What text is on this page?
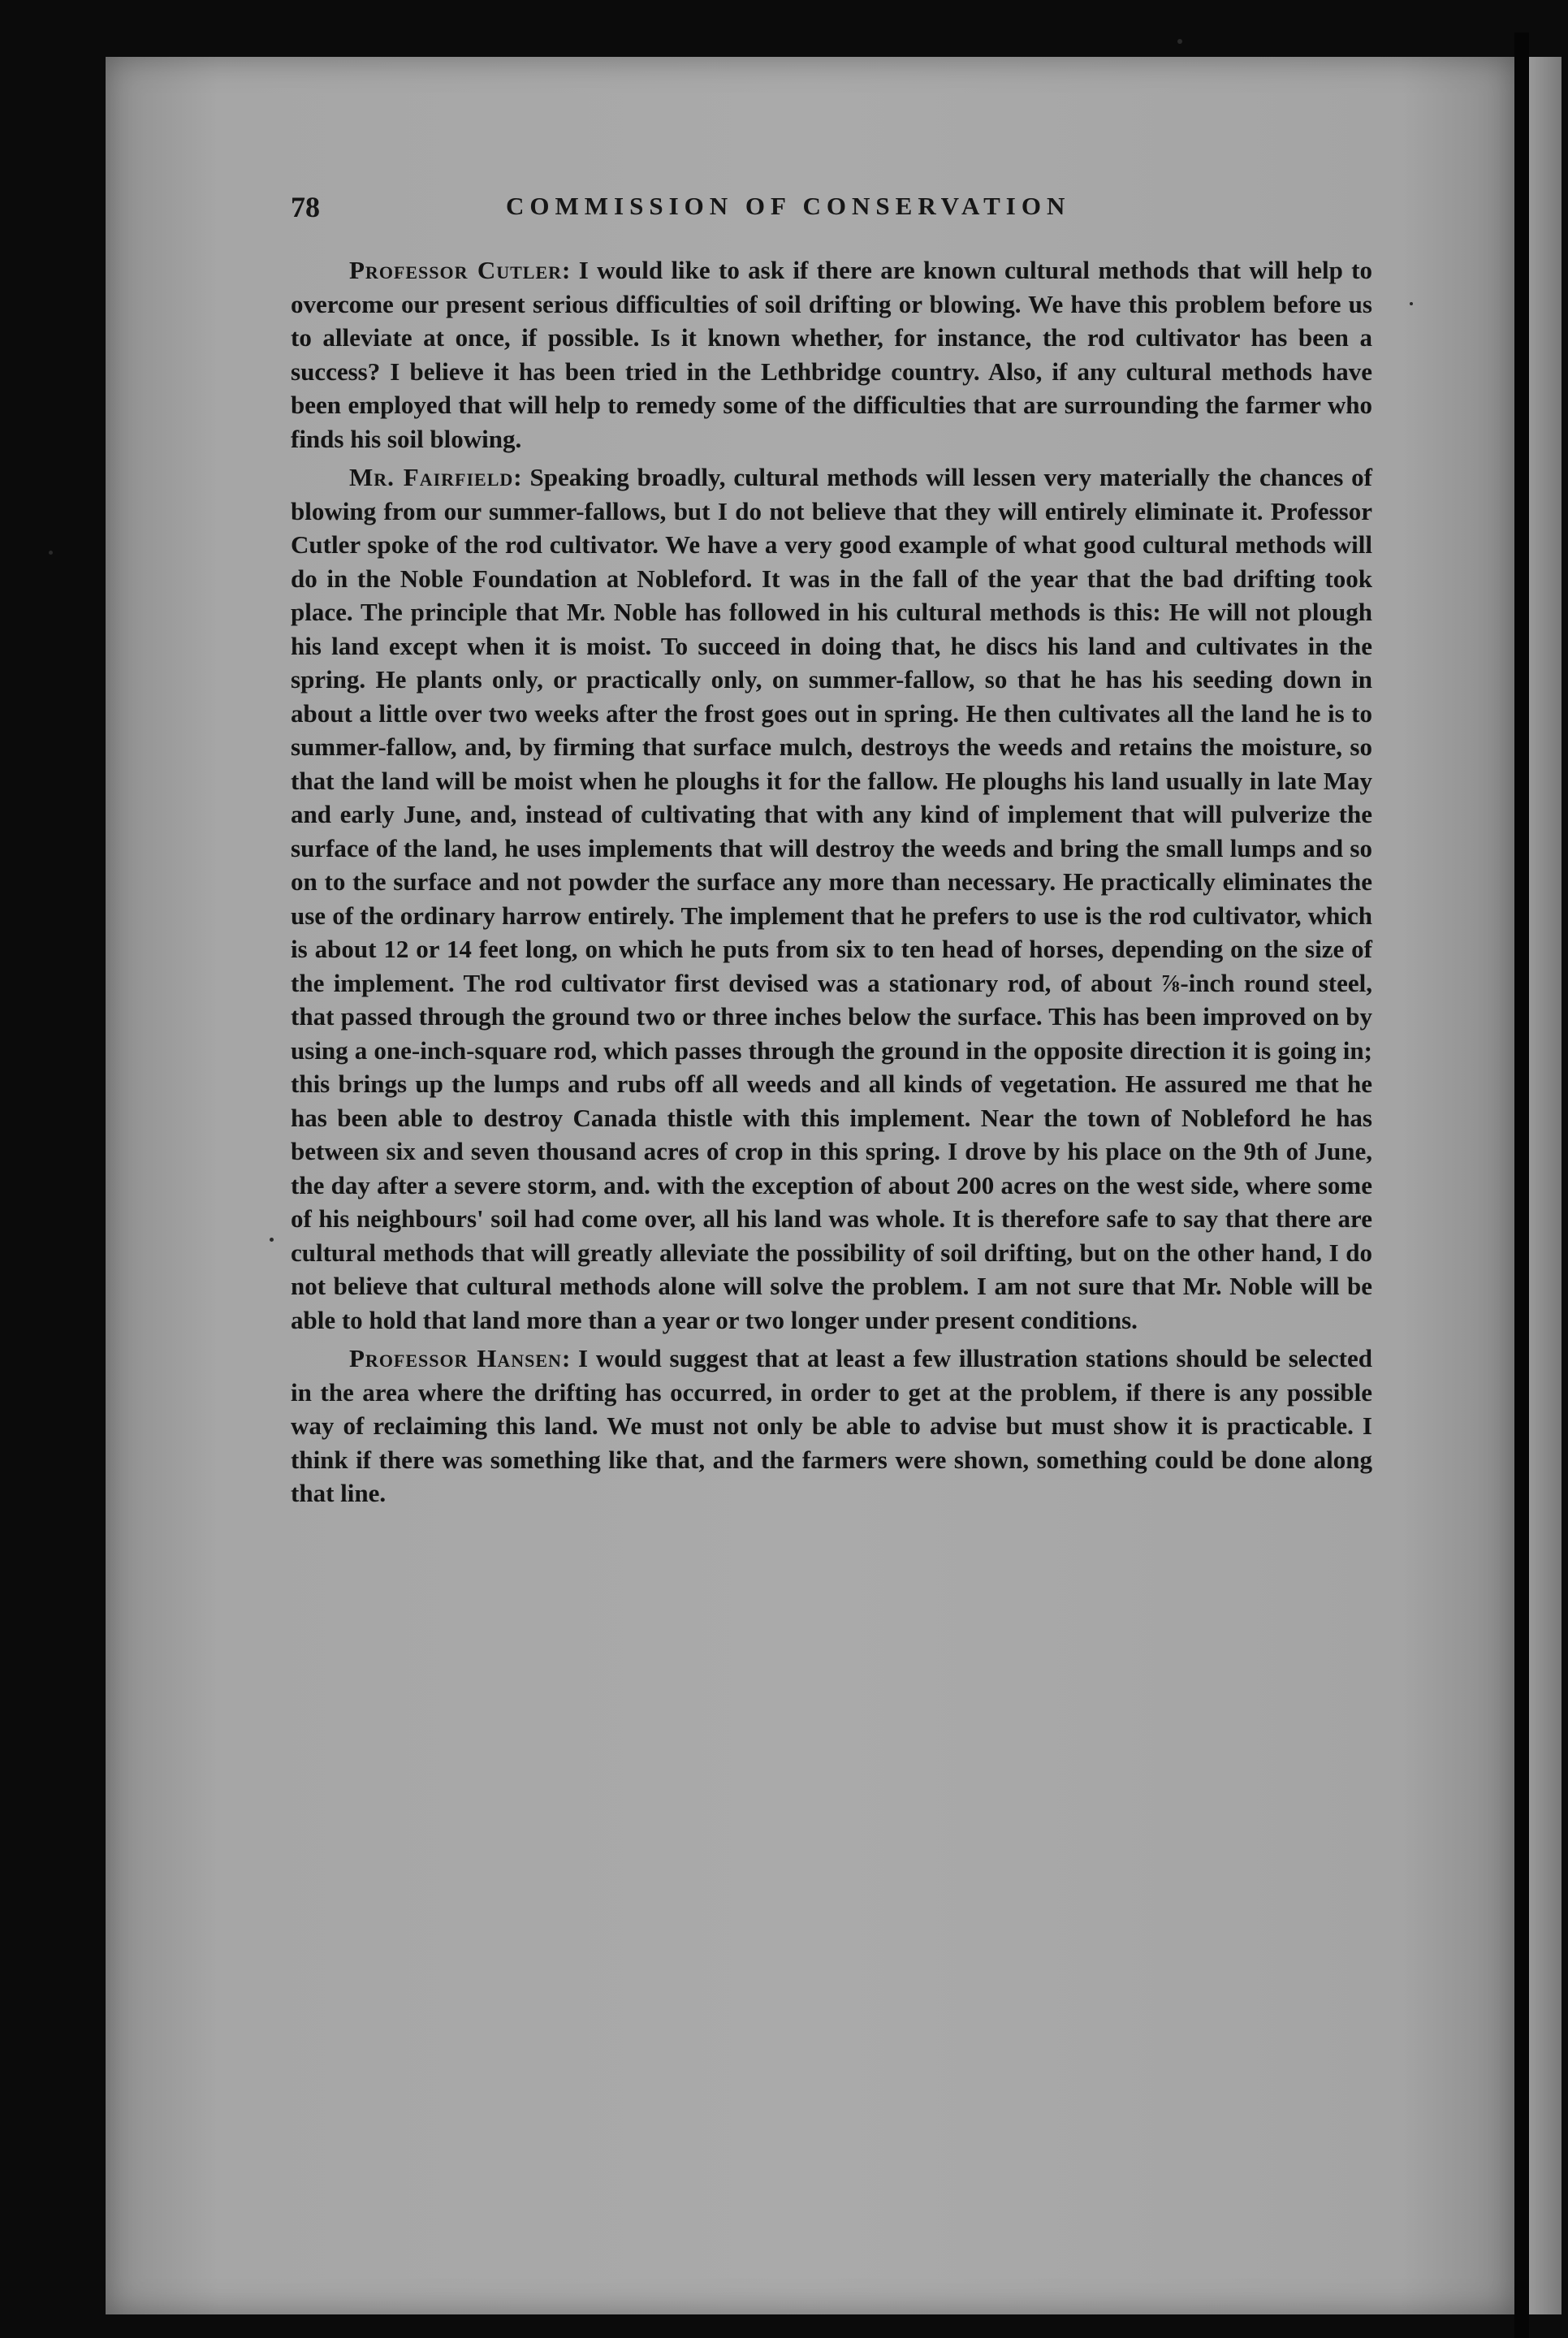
78	COMMISSION OF CONSERVATION

Professor Cutler: I would like to ask if there are known cultural methods that will help to overcome our present serious difficulties of soil drifting or blowing. We have this problem before us to alleviate at once, if possible. Is it known whether, for instance, the rod cultivator has been a success? I believe it has been tried in the Lethbridge country. Also, if any cultural methods have been employed that will help to remedy some of the difficulties that are surrounding the farmer who finds his soil blowing.

Mr. Fairfield: Speaking broadly, cultural methods will lessen very materially the chances of blowing from our summer-fallows, but I do not believe that they will entirely eliminate it. Professor Cutler spoke of the rod cultivator. We have a very good example of what good cultural methods will do in the Noble Foundation at Nobleford. It was in the fall of the year that the bad drifting took place. The principle that Mr. Noble has followed in his cultural methods is this: He will not plough his land except when it is moist. To succeed in doing that, he discs his land and cultivates in the spring. He plants only, or practically only, on summer-fallow, so that he has his seeding down in about a little over two weeks after the frost goes out in spring. He then cultivates all the land he is to summer-fallow, and, by firming that surface mulch, destroys the weeds and retains the moisture, so that the land will be moist when he ploughs it for the fallow. He ploughs his land usually in late May and early June, and, instead of cultivating that with any kind of implement that will pulverize the surface of the land, he uses implements that will destroy the weeds and bring the small lumps and so on to the surface and not powder the surface any more than necessary. He practically eliminates the use of the ordinary harrow entirely. The implement that he prefers to use is the rod cultivator, which is about 12 or 14 feet long, on which he puts from six to ten head of horses, depending on the size of the implement. The rod cultivator first devised was a stationary rod, of about ⅞-inch round steel, that passed through the ground two or three inches below the surface. This has been improved on by using a one-inch-square rod, which passes through the ground in the opposite direction it is going in; this brings up the lumps and rubs off all weeds and all kinds of vegetation. He assured me that he has been able to destroy Canada thistle with this implement. Near the town of Nobleford he has between six and seven thousand acres of crop in this spring. I drove by his place on the 9th of June, the day after a severe storm, and. with the exception of about 200 acres on the west side, where some of his neighbours' soil had come over, all his land was whole. It is therefore safe to say that there are cultural methods that will greatly alleviate the possibility of soil drifting, but on the other hand, I do not believe that cultural methods alone will solve the problem. I am not sure that Mr. Noble will be able to hold that land more than a year or two longer under present conditions.

Professor Hansen: I would suggest that at least a few illustration stations should be selected in the area where the drifting has occurred, in order to get at the problem, if there is any possible way of reclaiming this land. We must not only be able to advise but must show it is practicable. I think if there was something like that, and the farmers were shown, something could be done along that line.
